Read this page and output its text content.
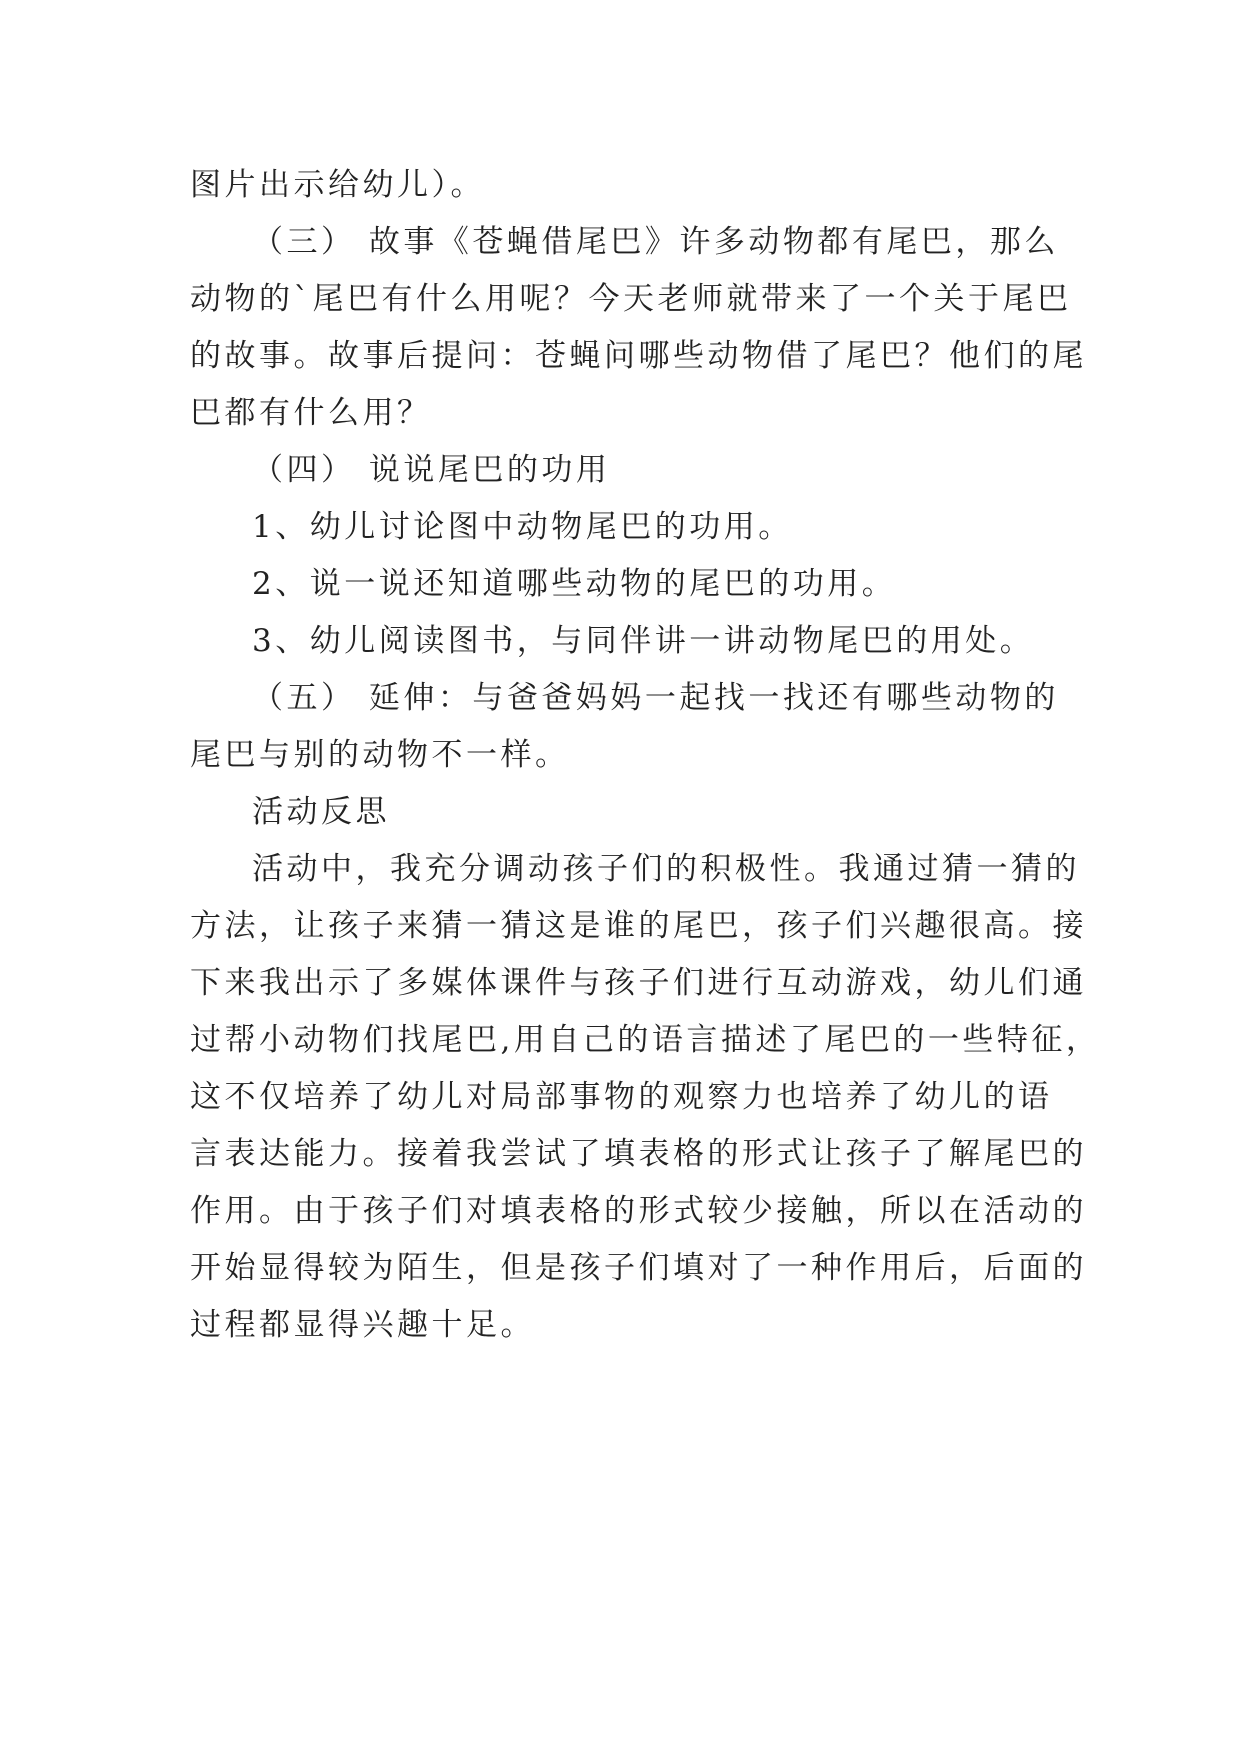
图片出示给幼儿）。
（三） 故事《苍蝇借尾巴》许多动物都有尾巴，那么
动物的`尾巴有什么用呢？今天老师就带来了一个关于尾巴
的故事。故事后提问：苍蝇问哪些动物借了尾巴？他们的尾
巴都有什么用？
（四） 说说尾巴的功用
1、幼儿讨论图中动物尾巴的功用。
2、说一说还知道哪些动物的尾巴的功用。
3、幼儿阅读图书，与同伴讲一讲动物尾巴的用处。
（五） 延伸：与爸爸妈妈一起找一找还有哪些动物的
尾巴与别的动物不一样。
活动反思
活动中，我充分调动孩子们的积极性。我通过猜一猜的
方法，让孩子来猜一猜这是谁的尾巴，孩子们兴趣很高。接
下来我出示了多媒体课件与孩子们进行互动游戏，幼儿们通
过帮小动物们找尾巴,用自己的语言描述了尾巴的一些特征，
这不仅培养了幼儿对局部事物的观察力也培养了幼儿的语
言表达能力。接着我尝试了填表格的形式让孩子了解尾巴的
作用。由于孩子们对填表格的形式较少接触，所以在活动的
开始显得较为陌生，但是孩子们填对了一种作用后，后面的
过程都显得兴趣十足。
